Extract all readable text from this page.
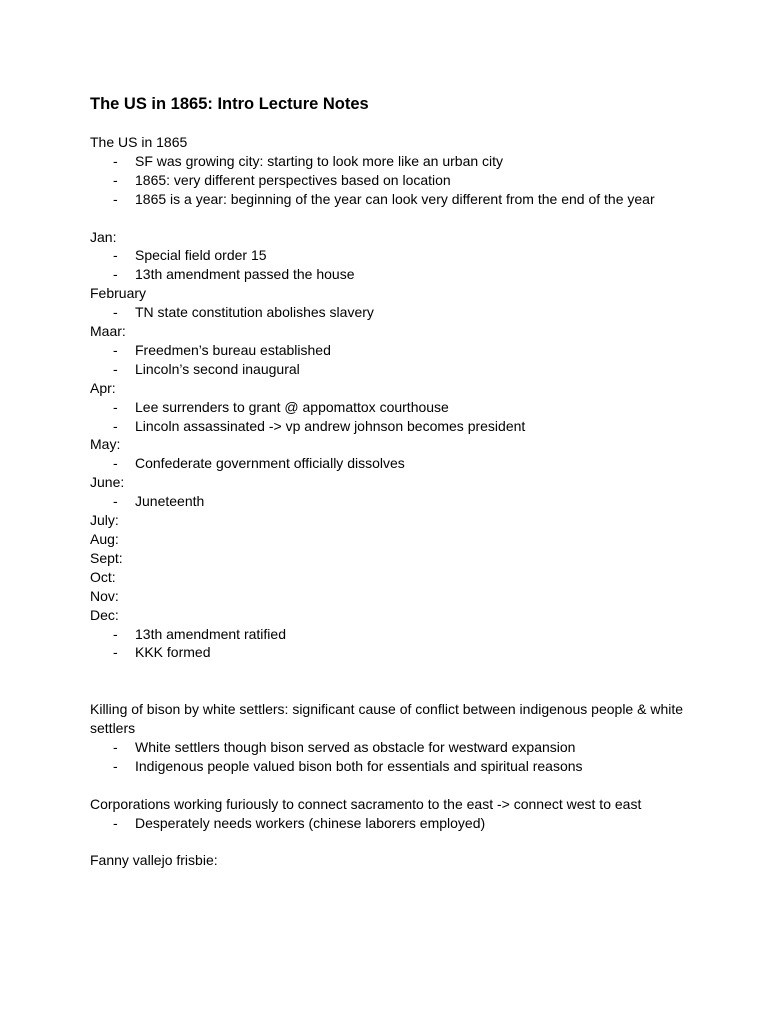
The US in 1865: Intro Lecture Notes
The US in 1865
- SF was growing city: starting to look more like an urban city
- 1865: very different perspectives based on location
- 1865 is a year: beginning of the year can look very different from the end of the year
Jan:
- Special field order 15
- 13th amendment passed the house
February
- TN state constitution abolishes slavery
Maar:
- Freedmen’s bureau established
- Lincoln’s second inaugural
Apr:
- Lee surrenders to grant @ appomattox courthouse
- Lincoln assassinated -> vp andrew johnson becomes president
May:
- Confederate government officially dissolves
June:
- Juneteenth
July:
Aug:
Sept:
Oct:
Nov:
Dec:
- 13th amendment ratified
- KKK formed
Killing of bison by white settlers: significant cause of conflict between indigenous people & white settlers
- White settlers though bison served as obstacle for westward expansion
- Indigenous people valued bison both for essentials and spiritual reasons
Corporations working furiously to connect sacramento to the east -> connect west to east
- Desperately needs workers (chinese laborers employed)
Fanny vallejo frisbie:
